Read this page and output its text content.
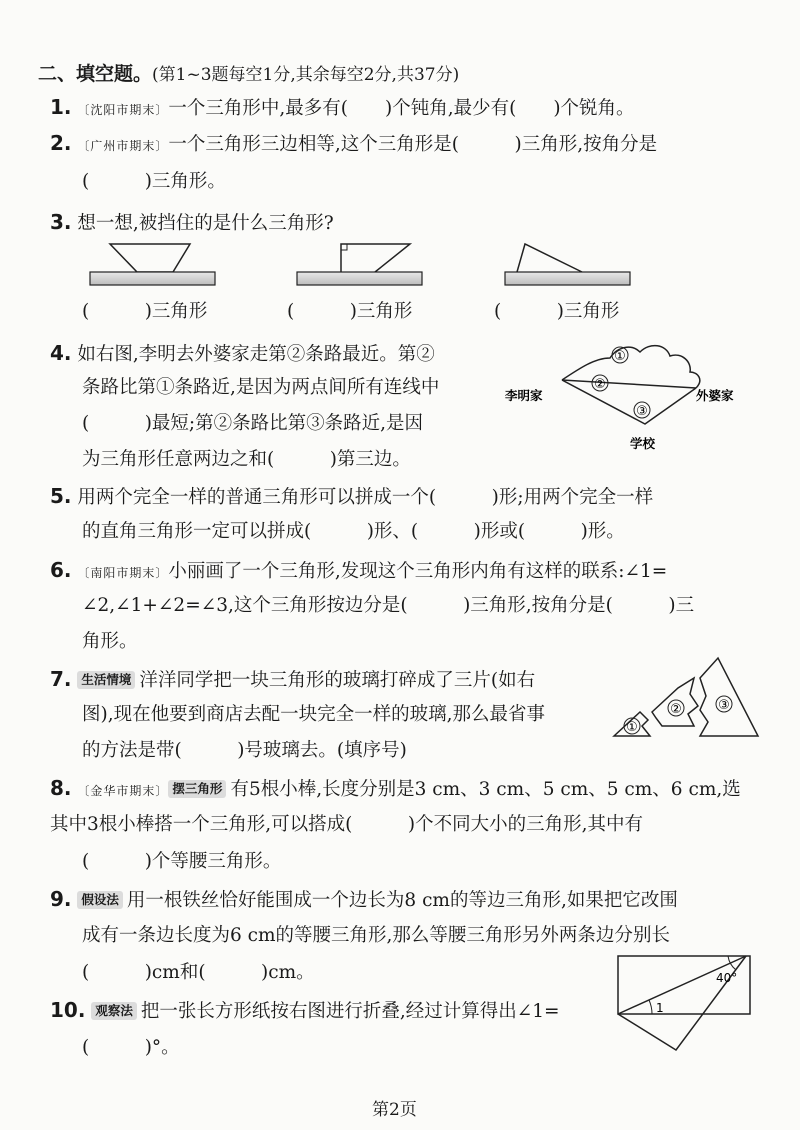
二、填空题。(第1~3题每空1分,其余每空2分,共37分)
1. 〔沈阳市期末〕一个三角形中,最多有(　　)个钝角,最少有(　　)个锐角。
2. 〔广州市期末〕一个三角形三边相等,这个三角形是(　　　)三角形,按角分是
(　　　)三角形。
3. 想一想,被挡住的是什么三角形?
(　　　)三角形	(　　　)三角形	(　　　)三角形
4. 如右图,李明去外婆家走第②条路最近。第②
条路比第①条路近,是因为两点间所有连线中
(　　　)最短;第②条路比第③条路近,是因
为三角形任意两边之和(　　　)第三边。
①
②
③
李明家	外婆家
学校
5. 用两个完全一样的普通三角形可以拼成一个(　　　)形;用两个完全一样
的直角三角形一定可以拼成(　　　)形、(　　　)形或(　　　)形。
6. 〔南阳市期末〕小丽画了一个三角形,发现这个三角形内角有这样的联系:∠1=
∠2,∠1+∠2=∠3,这个三角形按边分是(　　　)三角形,按角分是(　　　)三
角形。
7. 生活情境 洋洋同学把一块三角形的玻璃打碎成了三片(如右
图),现在他要到商店去配一块完全一样的玻璃,那么最省事
的方法是带(　　　)号玻璃去。(填序号)
①
②	③
8. 〔金华市期末〕 摆三角形 有5根小棒,长度分别是3 cm、3 cm、5 cm、5 cm、6 cm,选
其中3根小棒搭一个三角形,可以搭成(　　　)个不同大小的三角形,其中有
(　　　)个等腰三角形。
9. 假设法 用一根铁丝恰好能围成一个边长为8 cm的等边三角形,如果把它改围
成有一条边长度为6 cm的等腰三角形,那么等腰三角形另外两条边分别长
(　　　)cm和(　　　)cm。
10. 观察法 把一张长方形纸按右图进行折叠,经过计算得出∠1=
(　　　)°。
1
40°
第2页
